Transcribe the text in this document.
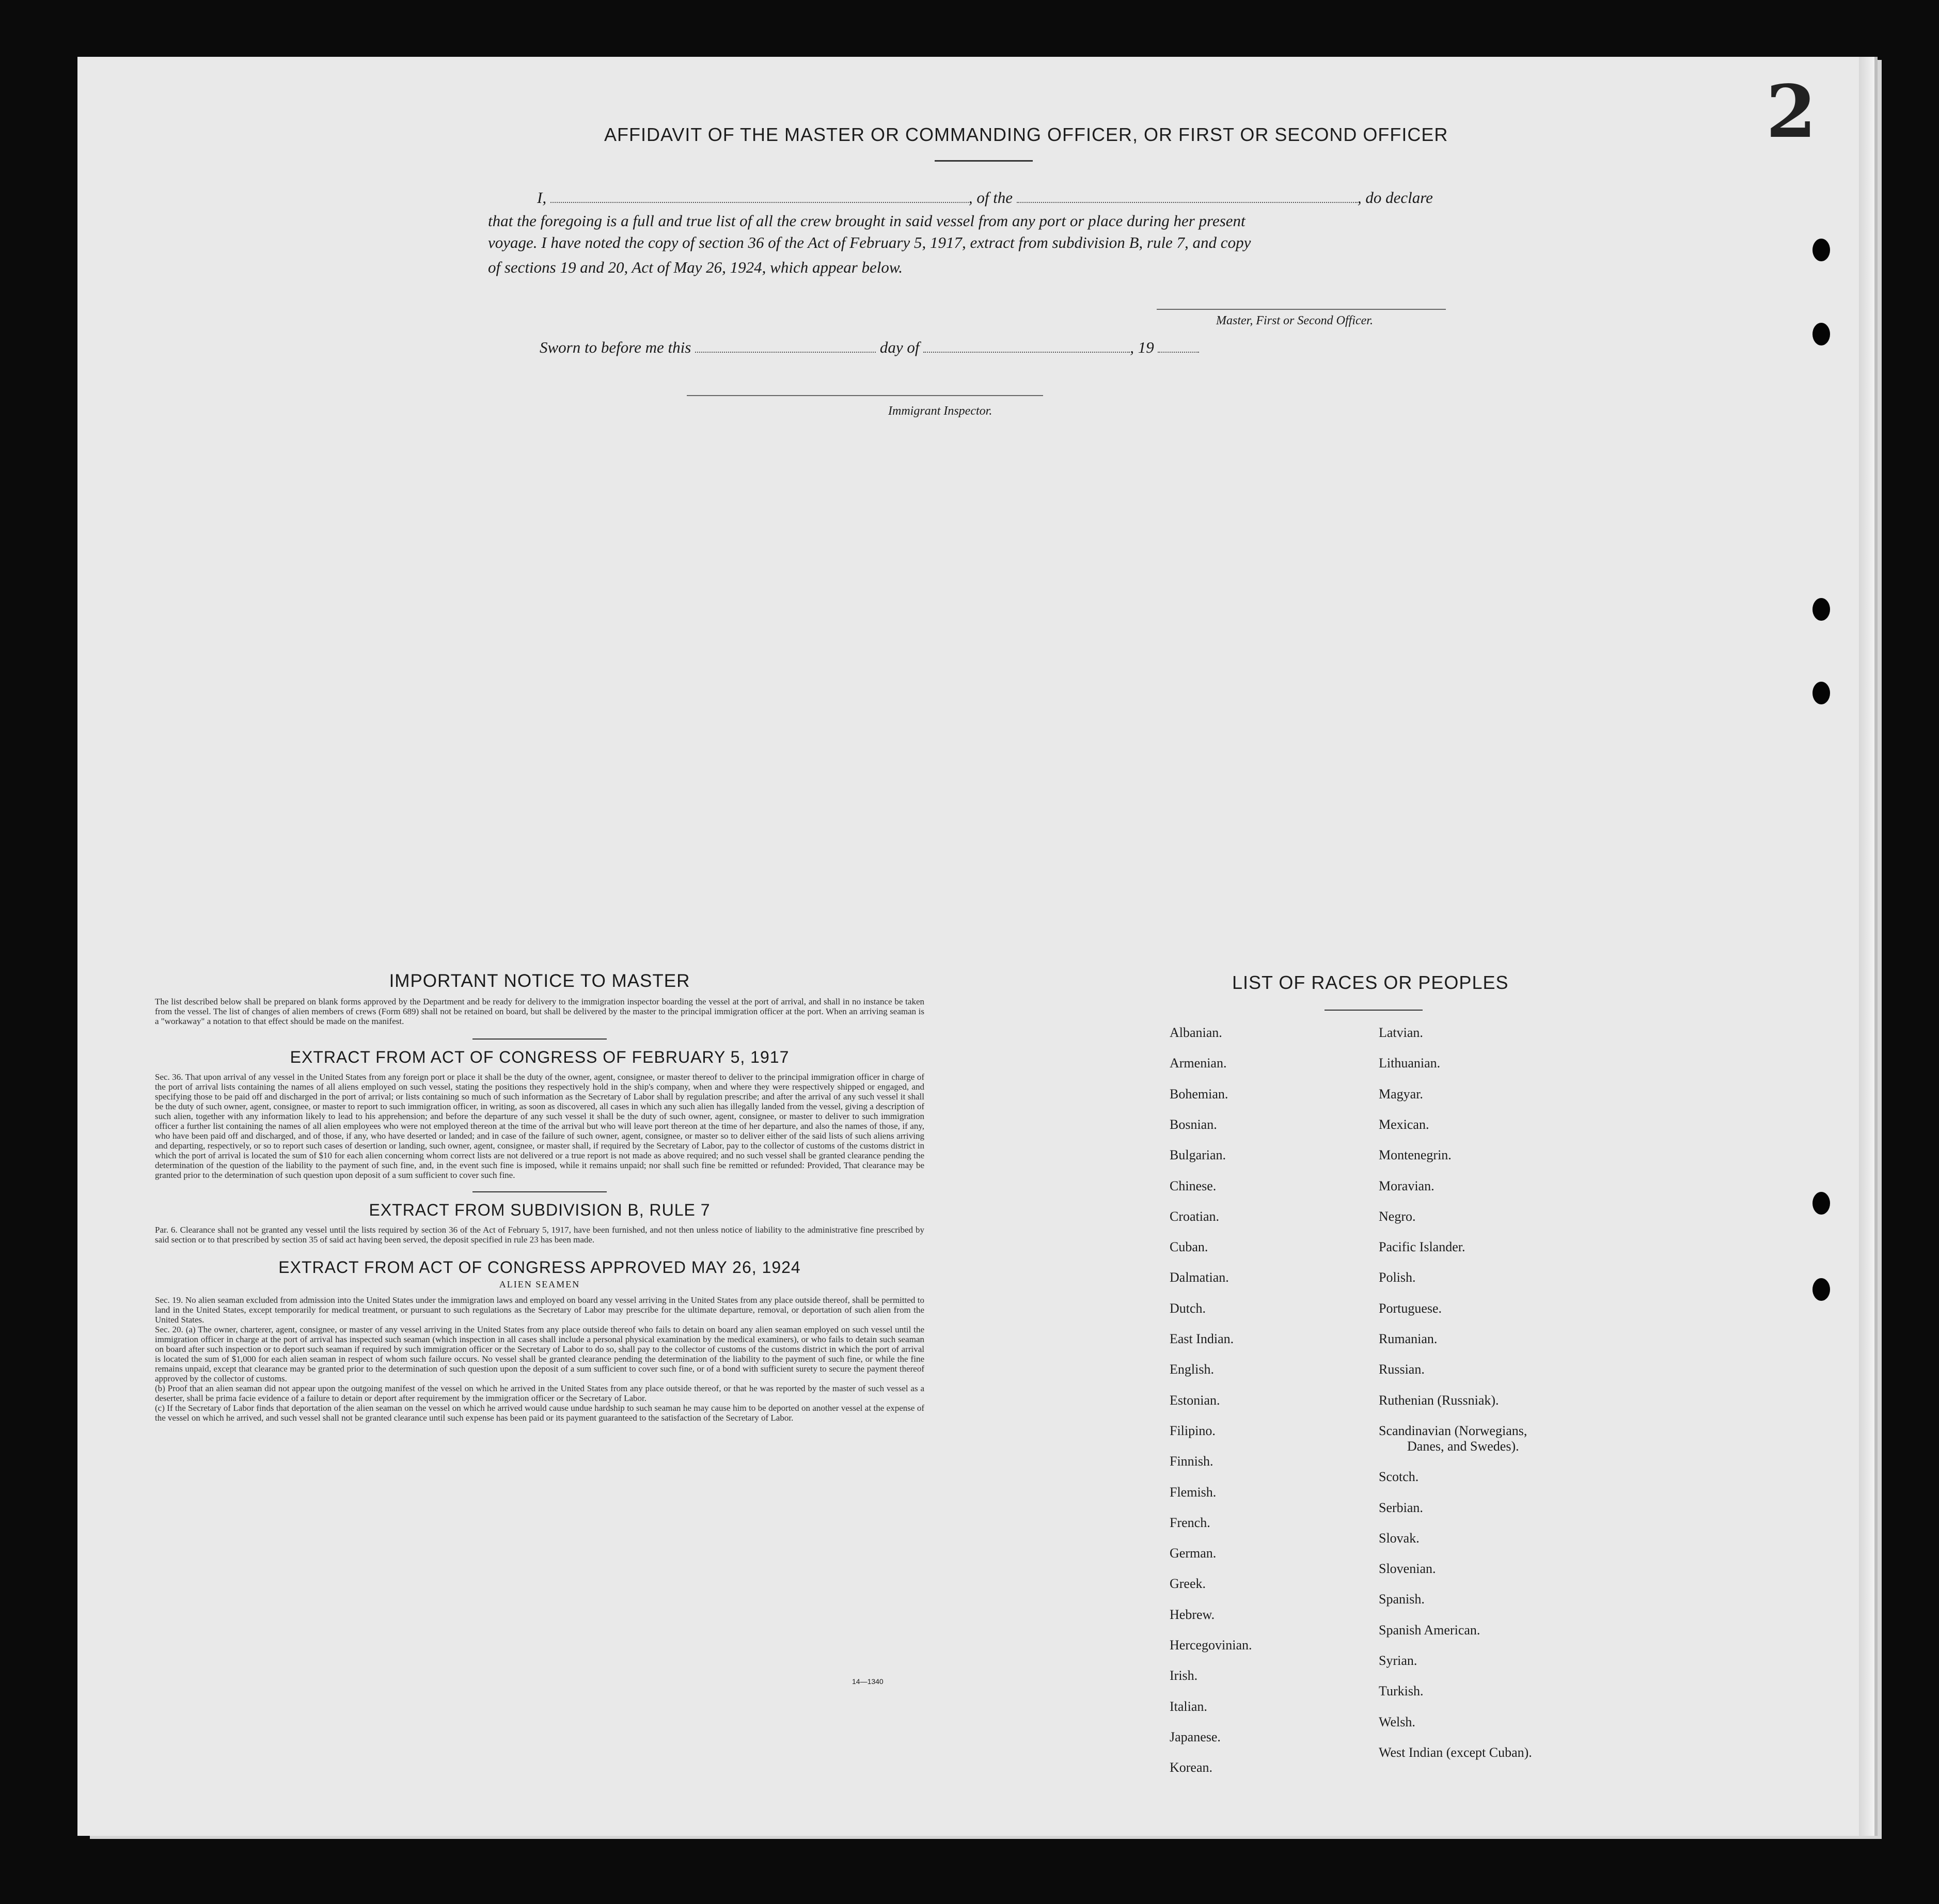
2
AFFIDAVIT OF THE MASTER OR COMMANDING OFFICER, OR FIRST OR SECOND OFFICER
I,	, of the	, do declare
that the foregoing is a full and true list of all the crew brought in said vessel from any port or place during her present
voyage. I have noted the copy of section 36 of the Act of February 5, 1917, extract from subdivision B, rule 7, and copy
of sections 19 and 20, Act of May 26, 1924, which appear below.
Master, First or Second Officer.
Sworn to before me this	day of	, 19
Immigrant Inspector.

IMPORTANT NOTICE TO MASTER

The list described below shall be prepared on blank forms approved by the Department and be ready for delivery to the immigration inspector boarding the vessel at the port of arrival, and shall in no instance be taken from the vessel. The list of changes of alien members of crews (Form 689) shall not be retained on board, but shall be delivered by the master to the principal immigration officer at the port. When an arriving seaman is a "workaway" a notation to that effect should be made on the manifest.

EXTRACT FROM ACT OF CONGRESS OF FEBRUARY 5, 1917

Sec. 36. That upon arrival of any vessel in the United States from any foreign port or place it shall be the duty of the owner, agent, consignee, or master thereof to deliver to the principal immigration officer in charge of the port of arrival lists containing the names of all aliens employed on such vessel, stating the positions they respectively hold in the ship's company, when and where they were respectively shipped or engaged, and specifying those to be paid off and discharged in the port of arrival; or lists containing so much of such information as the Secretary of Labor shall by regulation prescribe; and after the arrival of any such vessel it shall be the duty of such owner, agent, consignee, or master to report to such immigration officer, in writing, as soon as discovered, all cases in which any such alien has illegally landed from the vessel, giving a description of such alien, together with any information likely to lead to his apprehension; and before the departure of any such vessel it shall be the duty of such owner, agent, consignee, or master to deliver to such immigration officer a further list containing the names of all alien employees who were not employed thereon at the time of the arrival but who will leave port thereon at the time of her departure, and also the names of those, if any, who have been paid off and discharged, and of those, if any, who have deserted or landed; and in case of the failure of such owner, agent, consignee, or master so to deliver either of the said lists of such aliens arriving and departing, respectively, or so to report such cases of desertion or landing, such owner, agent, consignee, or master shall, if required by the Secretary of Labor, pay to the collector of customs of the customs district in which the port of arrival is located the sum of $10 for each alien concerning whom correct lists are not delivered or a true report is not made as above required; and no such vessel shall be granted clearance pending the determination of the question of the liability to the payment of such fine, and, in the event such fine is imposed, while it remains unpaid; nor shall such fine be remitted or refunded: Provided, That clearance may be granted prior to the determination of such question upon deposit of a sum sufficient to cover such fine.

EXTRACT FROM SUBDIVISION B, RULE 7

Par. 6. Clearance shall not be granted any vessel until the lists required by section 36 of the Act of February 5, 1917, have been furnished, and not then unless notice of liability to the administrative fine prescribed by said section or to that prescribed by section 35 of said act having been served, the deposit specified in rule 23 has been made.

EXTRACT FROM ACT OF CONGRESS APPROVED MAY 26, 1924

ALIEN SEAMEN

Sec. 19. No alien seaman excluded from admission into the United States under the immigration laws and employed on board any vessel arriving in the United States from any place outside thereof, shall be permitted to land in the United States, except temporarily for medical treatment, or pursuant to such regulations as the Secretary of Labor may prescribe for the ultimate departure, removal, or deportation of such alien from the United States.

Sec. 20. (a) The owner, charterer, agent, consignee, or master of any vessel arriving in the United States from any place outside thereof who fails to detain on board any alien seaman employed on such vessel until the immigration officer in charge at the port of arrival has inspected such seaman (which inspection in all cases shall include a personal physical examination by the medical examiners), or who fails to detain such seaman on board after such inspection or to deport such seaman if required by such immigration officer or the Secretary of Labor to do so, shall pay to the collector of customs of the customs district in which the port of arrival is located the sum of $1,000 for each alien seaman in respect of whom such failure occurs. No vessel shall be granted clearance pending the determination of the liability to the payment of such fine, or while the fine remains unpaid, except that clearance may be granted prior to the determination of such question upon the deposit of a sum sufficient to cover such fine, or of a bond with sufficient surety to secure the payment thereof approved by the collector of customs.

(b) Proof that an alien seaman did not appear upon the outgoing manifest of the vessel on which he arrived in the United States from any place outside thereof, or that he was reported by the master of such vessel as a deserter, shall be prima facie evidence of a failure to detain or deport after requirement by the immigration officer or the Secretary of Labor.

(c) If the Secretary of Labor finds that deportation of the alien seaman on the vessel on which he arrived would cause undue hardship to such seaman he may cause him to be deported on another vessel at the expense of the vessel on which he arrived, and such vessel shall not be granted clearance until such expense has been paid or its payment guaranteed to the satisfaction of the Secretary of Labor.

14—1340
LIST OF RACES OR PEOPLES
Albanian.
Armenian.
Bohemian.
Bosnian.
Bulgarian.
Chinese.
Croatian.
Cuban.
Dalmatian.
Dutch.
East Indian.
English.
Estonian.
Filipino.
Finnish.
Flemish.
French.
German.
Greek.
Hebrew.
Hercegovinian.
Irish.
Italian.
Japanese.
Korean.
Latvian.
Lithuanian.
Magyar.
Mexican.
Montenegrin.
Moravian.
Negro.
Pacific Islander.
Polish.
Portuguese.
Rumanian.
Russian.
Ruthenian (Russniak).
Scandinavian (Norwegians,
Danes, and Swedes).
Scotch.
Serbian.
Slovak.
Slovenian.
Spanish.
Spanish American.
Syrian.
Turkish.
Welsh.
West Indian (except Cuban).
